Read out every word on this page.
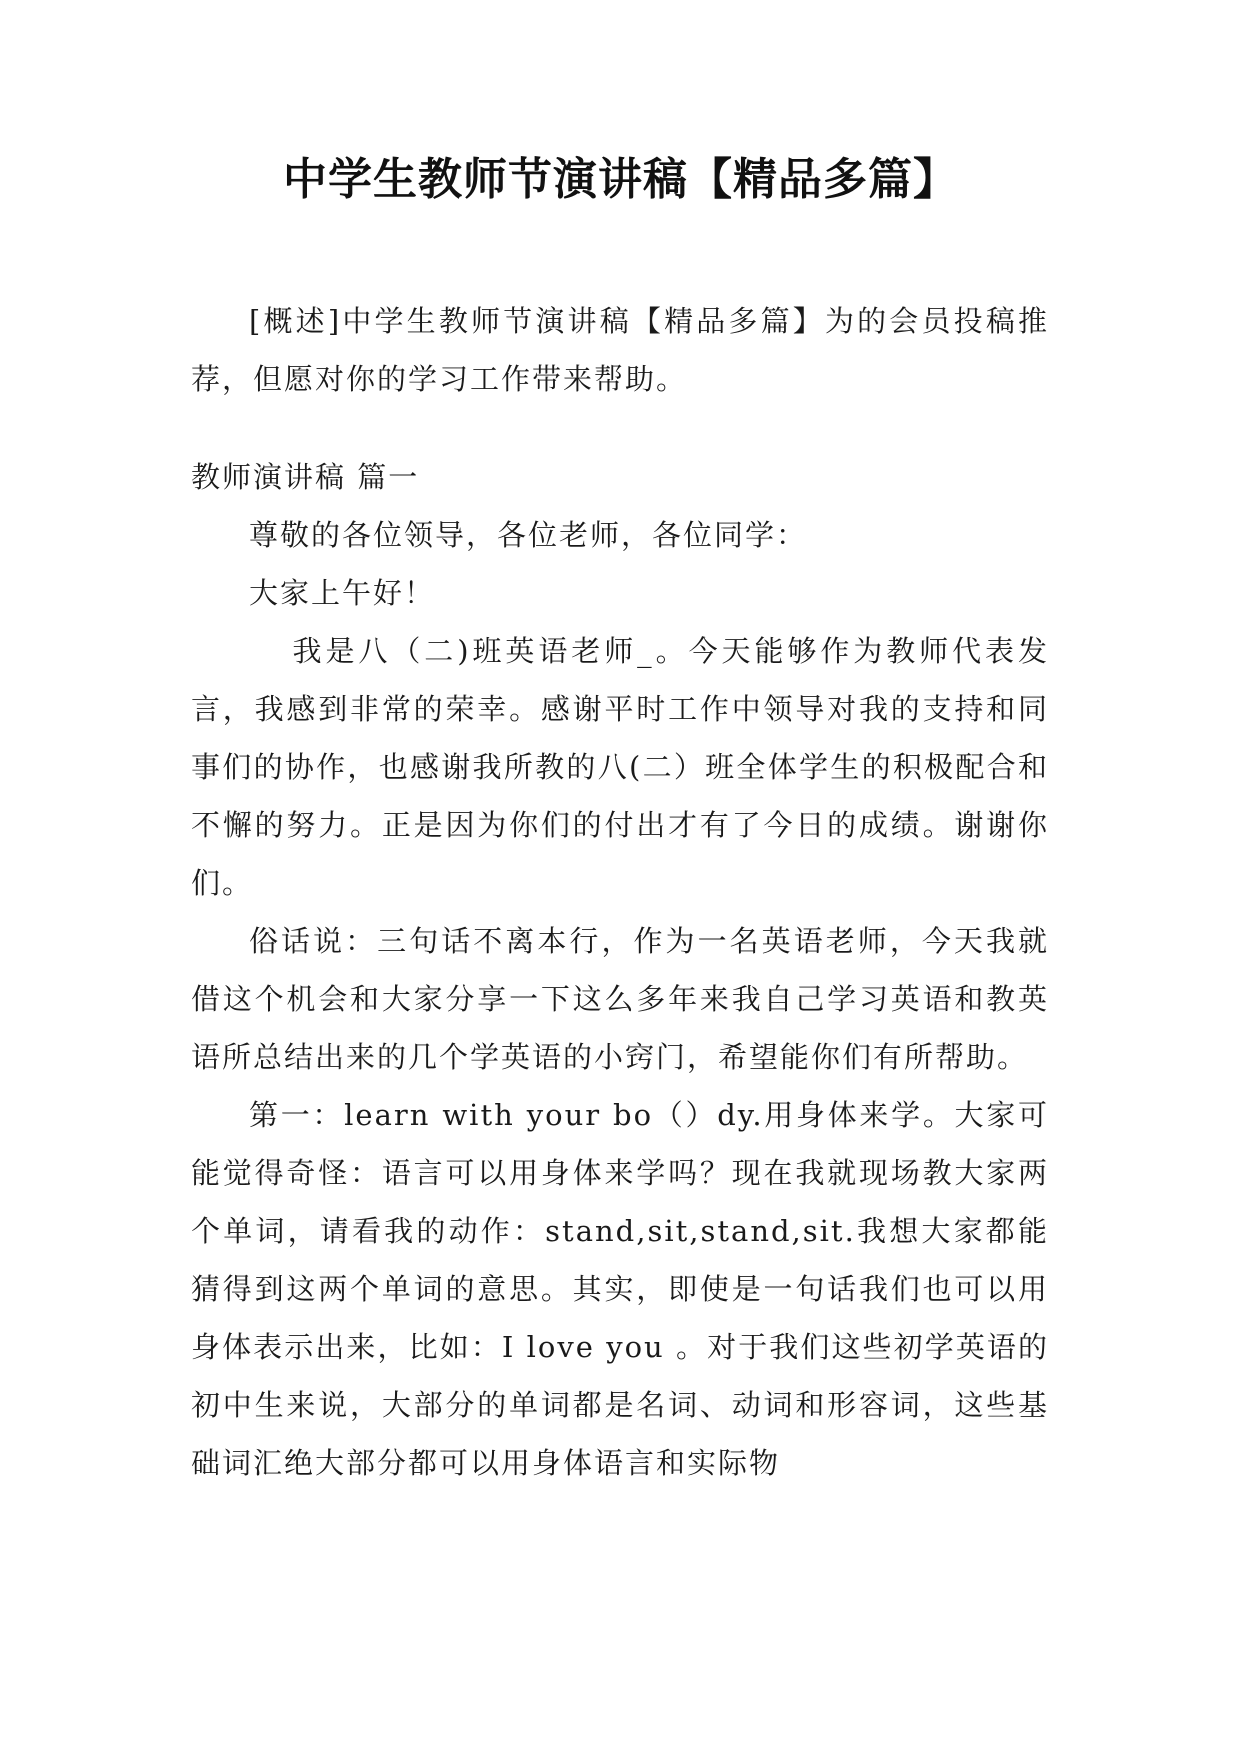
中学生教师节演讲稿【精品多篇】

[概述]中学生教师节演讲稿【精品多篇】为的会员投稿推荐，但愿对你的学习工作带来帮助。

教师演讲稿 篇一

尊敬的各位领导，各位老师，各位同学：

大家上午好！

我是八（二)班英语老师_。今天能够作为教师代表发言，我感到非常的荣幸。感谢平时工作中领导对我的支持和同事们的协作，也感谢我所教的八(二）班全体学生的积极配合和不懈的努力。正是因为你们的付出才有了今日的成绩。谢谢你们。

俗话说：三句话不离本行，作为一名英语老师，今天我就借这个机会和大家分享一下这么多年来我自己学习英语和教英语所总结出来的几个学英语的小窍门，希望能你们有所帮助。

第一：learn with your bo（）dy.用身体来学。大家可能觉得奇怪：语言可以用身体来学吗？现在我就现场教大家两个单词，请看我的动作：stand,sit,stand,sit.我想大家都能猜得到这两个单词的意思。其实，即使是一句话我们也可以用身体表示出来，比如：I love you 。对于我们这些初学英语的初中生来说，大部分的单词都是名词、动词和形容词，这些基础词汇绝大部分都可以用身体语言和实际物
